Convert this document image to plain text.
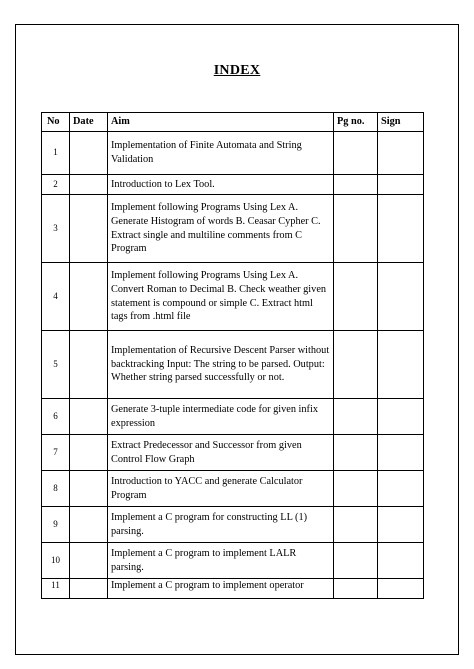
INDEX
No	Date	Aim	Pg no.	Sign
1		Implementation of Finite Automata and String Validation		
2		Introduction to Lex Tool.		
3		Implement following Programs Using Lex A. Generate Histogram of words B. Ceasar Cypher C. Extract single and multiline comments from C Program		
4		Implement following Programs Using Lex A. Convert Roman to Decimal B. Check weather given statement is compound or simple C. Extract html tags from .html file		
5		Implementation of Recursive Descent Parser without backtracking Input: The string to be parsed. Output: Whether string parsed successfully or not.		
6		Generate 3-tuple intermediate code for given infix expression		
7		Extract Predecessor and Successor from given Control Flow Graph		
8		Introduction to YACC and generate Calculator Program		
9		Implement a C program for constructing LL (1) parsing.		
10		Implement a C program to implement LALR parsing.		
11		Implement a C program to implement operator		
